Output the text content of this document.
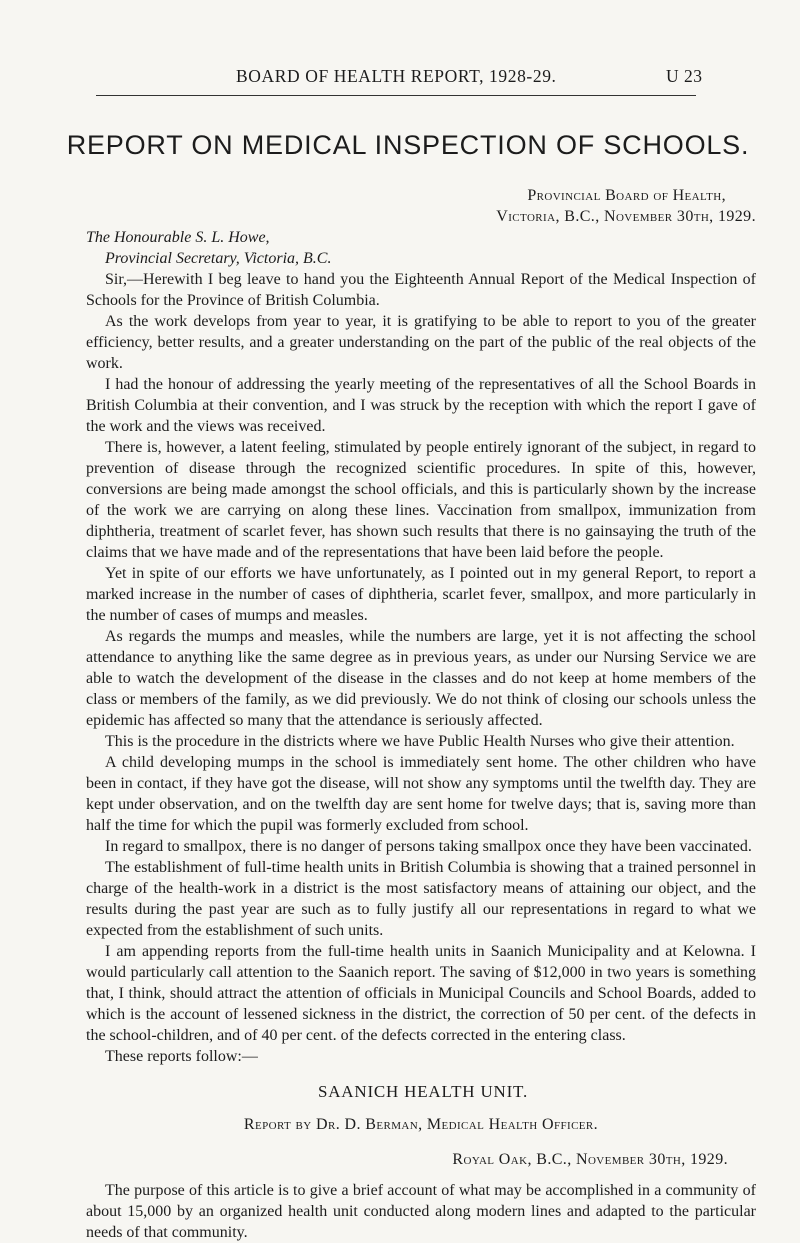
BOARD OF HEALTH REPORT, 1928-29.	U 23
REPORT ON MEDICAL INSPECTION OF SCHOOLS.

Provincial Board of Health,

Victoria, B.C., November 30th, 1929.

The Honourable S. L. Howe,

Provincial Secretary, Victoria, B.C.

Sir,—Herewith I beg leave to hand you the Eighteenth Annual Report of the Medical Inspection of Schools for the Province of British Columbia.

As the work develops from year to year, it is gratifying to be able to report to you of the greater efficiency, better results, and a greater understanding on the part of the public of the real objects of the work.

I had the honour of addressing the yearly meeting of the representatives of all the School Boards in British Columbia at their convention, and I was struck by the reception with which the report I gave of the work and the views was received.

There is, however, a latent feeling, stimulated by people entirely ignorant of the subject, in regard to prevention of disease through the recognized scientific procedures. In spite of this, however, conversions are being made amongst the school officials, and this is particularly shown by the increase of the work we are carrying on along these lines. Vaccination from smallpox, immunization from diphtheria, treatment of scarlet fever, has shown such results that there is no gainsaying the truth of the claims that we have made and of the representations that have been laid before the people.

Yet in spite of our efforts we have unfortunately, as I pointed out in my general Report, to report a marked increase in the number of cases of diphtheria, scarlet fever, smallpox, and more particularly in the number of cases of mumps and measles.

As regards the mumps and measles, while the numbers are large, yet it is not affecting the school attendance to anything like the same degree as in previous years, as under our Nursing Service we are able to watch the development of the disease in the classes and do not keep at home members of the class or members of the family, as we did previously. We do not think of closing our schools unless the epidemic has affected so many that the attendance is seriously affected.

This is the procedure in the districts where we have Public Health Nurses who give their attention.

A child developing mumps in the school is immediately sent home. The other children who have been in contact, if they have got the disease, will not show any symptoms until the twelfth day. They are kept under observation, and on the twelfth day are sent home for twelve days; that is, saving more than half the time for which the pupil was formerly excluded from school.

In regard to smallpox, there is no danger of persons taking smallpox once they have been vaccinated.

The establishment of full-time health units in British Columbia is showing that a trained personnel in charge of the health-work in a district is the most satisfactory means of attaining our object, and the results during the past year are such as to fully justify all our representations in regard to what we expected from the establishment of such units.

I am appending reports from the full-time health units in Saanich Municipality and at Kelowna. I would particularly call attention to the Saanich report. The saving of $12,000 in two years is something that, I think, should attract the attention of officials in Municipal Councils and School Boards, added to which is the account of lessened sickness in the district, the correction of 50 per cent. of the defects in the school-children, and of 40 per cent. of the defects corrected in the entering class.

These reports follow:—

SAANICH HEALTH UNIT.

Report by Dr. D. Berman, Medical Health Officer.

Royal Oak, B.C., November 30th, 1929.

The purpose of this article is to give a brief account of what may be accomplished in a community of about 15,000 by an organized health unit conducted along modern lines and adapted to the particular needs of that community.
